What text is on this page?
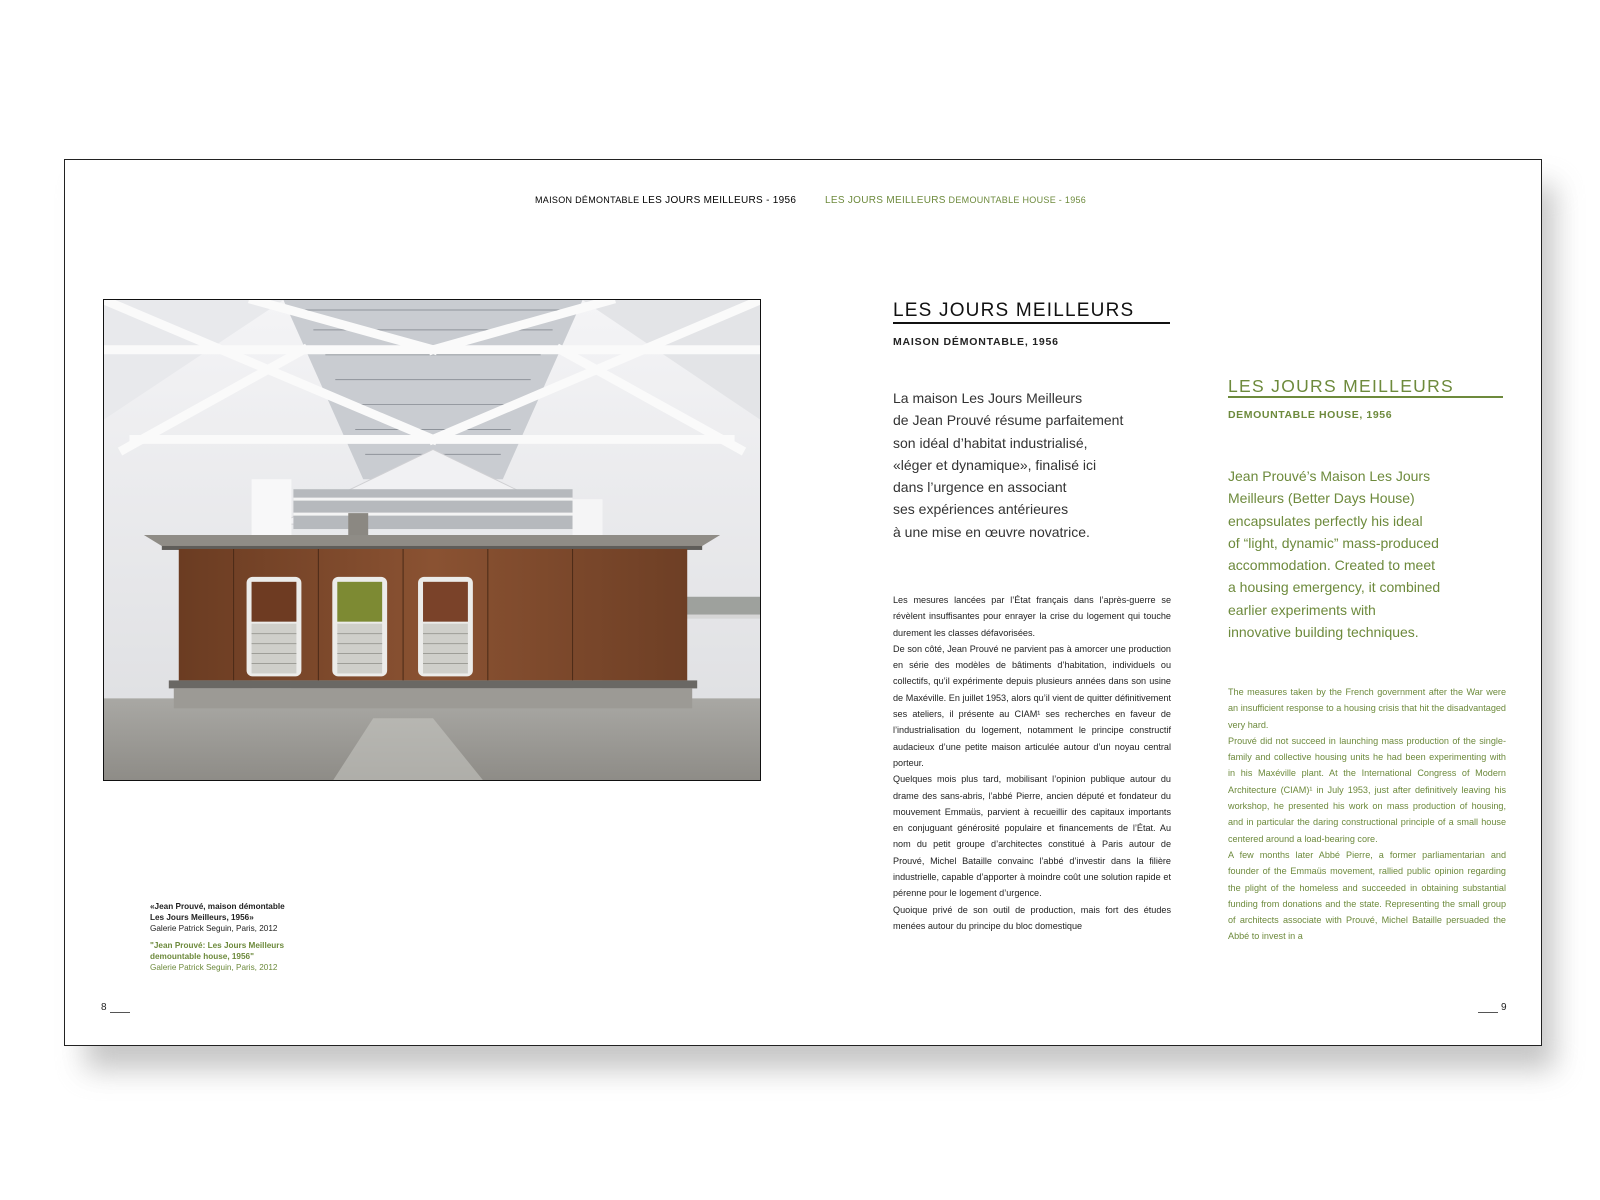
MAISON DÉMONTABLE LES JOURS MEILLEURS - 1956	LES JOURS MEILLEURS DEMOUNTABLE HOUSE - 1956
«Jean Prouvé, maison démontable
Les Jours Meilleurs, 1956»
Galerie Patrick Seguin, Paris, 2012
"Jean Prouvé: Les Jours Meilleurs
demountable house, 1956"
Galerie Patrick Seguin, Paris, 2012
LES JOURS MEILLEURS
MAISON DÉMONTABLE, 1956
La maison Les Jours Meilleurs
de Jean Prouvé résume parfaitement
son idéal d’habitat industrialisé,
«léger et dynamique», finalisé ici
dans l’urgence en associant
ses expériences antérieures
à une mise en œuvre novatrice.

Les mesures lancées par l’État français dans l’après-guerre se révèlent insuffisantes pour enrayer la crise du logement qui touche durement les classes défavorisées.

De son côté, Jean Prouvé ne parvient pas à amorcer une production en série des modèles de bâtiments d’habitation, individuels ou collectifs, qu’il expérimente depuis plusieurs années dans son usine de Maxéville. En juillet 1953, alors qu’il vient de quitter définitivement ses ateliers, il présente au CIAM¹ ses recherches en faveur de l’industrialisation du logement, notamment le principe constructif audacieux d’une petite maison articulée autour d’un noyau central porteur.

Quelques mois plus tard, mobilisant l’opinion publique autour du drame des sans-abris, l’abbé Pierre, ancien député et fondateur du mouvement Emmaüs, parvient à recueillir des capitaux importants en conjuguant générosité populaire et financements de l’État. Au nom du petit groupe d’architectes constitué à Paris autour de Prouvé, Michel Bataille convainc l’abbé d’investir dans la filière industrielle, capable d’apporter à moindre coût une solution rapide et pérenne pour le logement d’urgence.

Quoique privé de son outil de production, mais fort des études menées autour du principe du bloc domestique

LES JOURS MEILLEURS
DEMOUNTABLE HOUSE, 1956
Jean Prouvé’s Maison Les Jours
Meilleurs (Better Days House)
encapsulates perfectly his ideal
of “light, dynamic” mass-produced
accommodation. Created to meet
a housing emergency, it combined
earlier experiments with
innovative building techniques.

The measures taken by the French government after the War were an insufficient response to a housing crisis that hit the disadvantaged very hard.

Prouvé did not succeed in launching mass production of the single-family and collective housing units he had been experimenting with in his Maxéville plant. At the International Congress of Modern Architecture (CIAM)¹ in July 1953, just after definitively leaving his workshop, he presented his work on mass production of housing, and in particular the daring constructional principle of a small house centered around a load-bearing core.

A few months later Abbé Pierre, a former parliamentarian and founder of the Emmaüs movement, rallied public opinion regarding the plight of the homeless and succeeded in obtaining substantial funding from donations and the state. Representing the small group of architects associate with Prouvé, Michel Bataille persuaded the Abbé to invest in a

8	9
